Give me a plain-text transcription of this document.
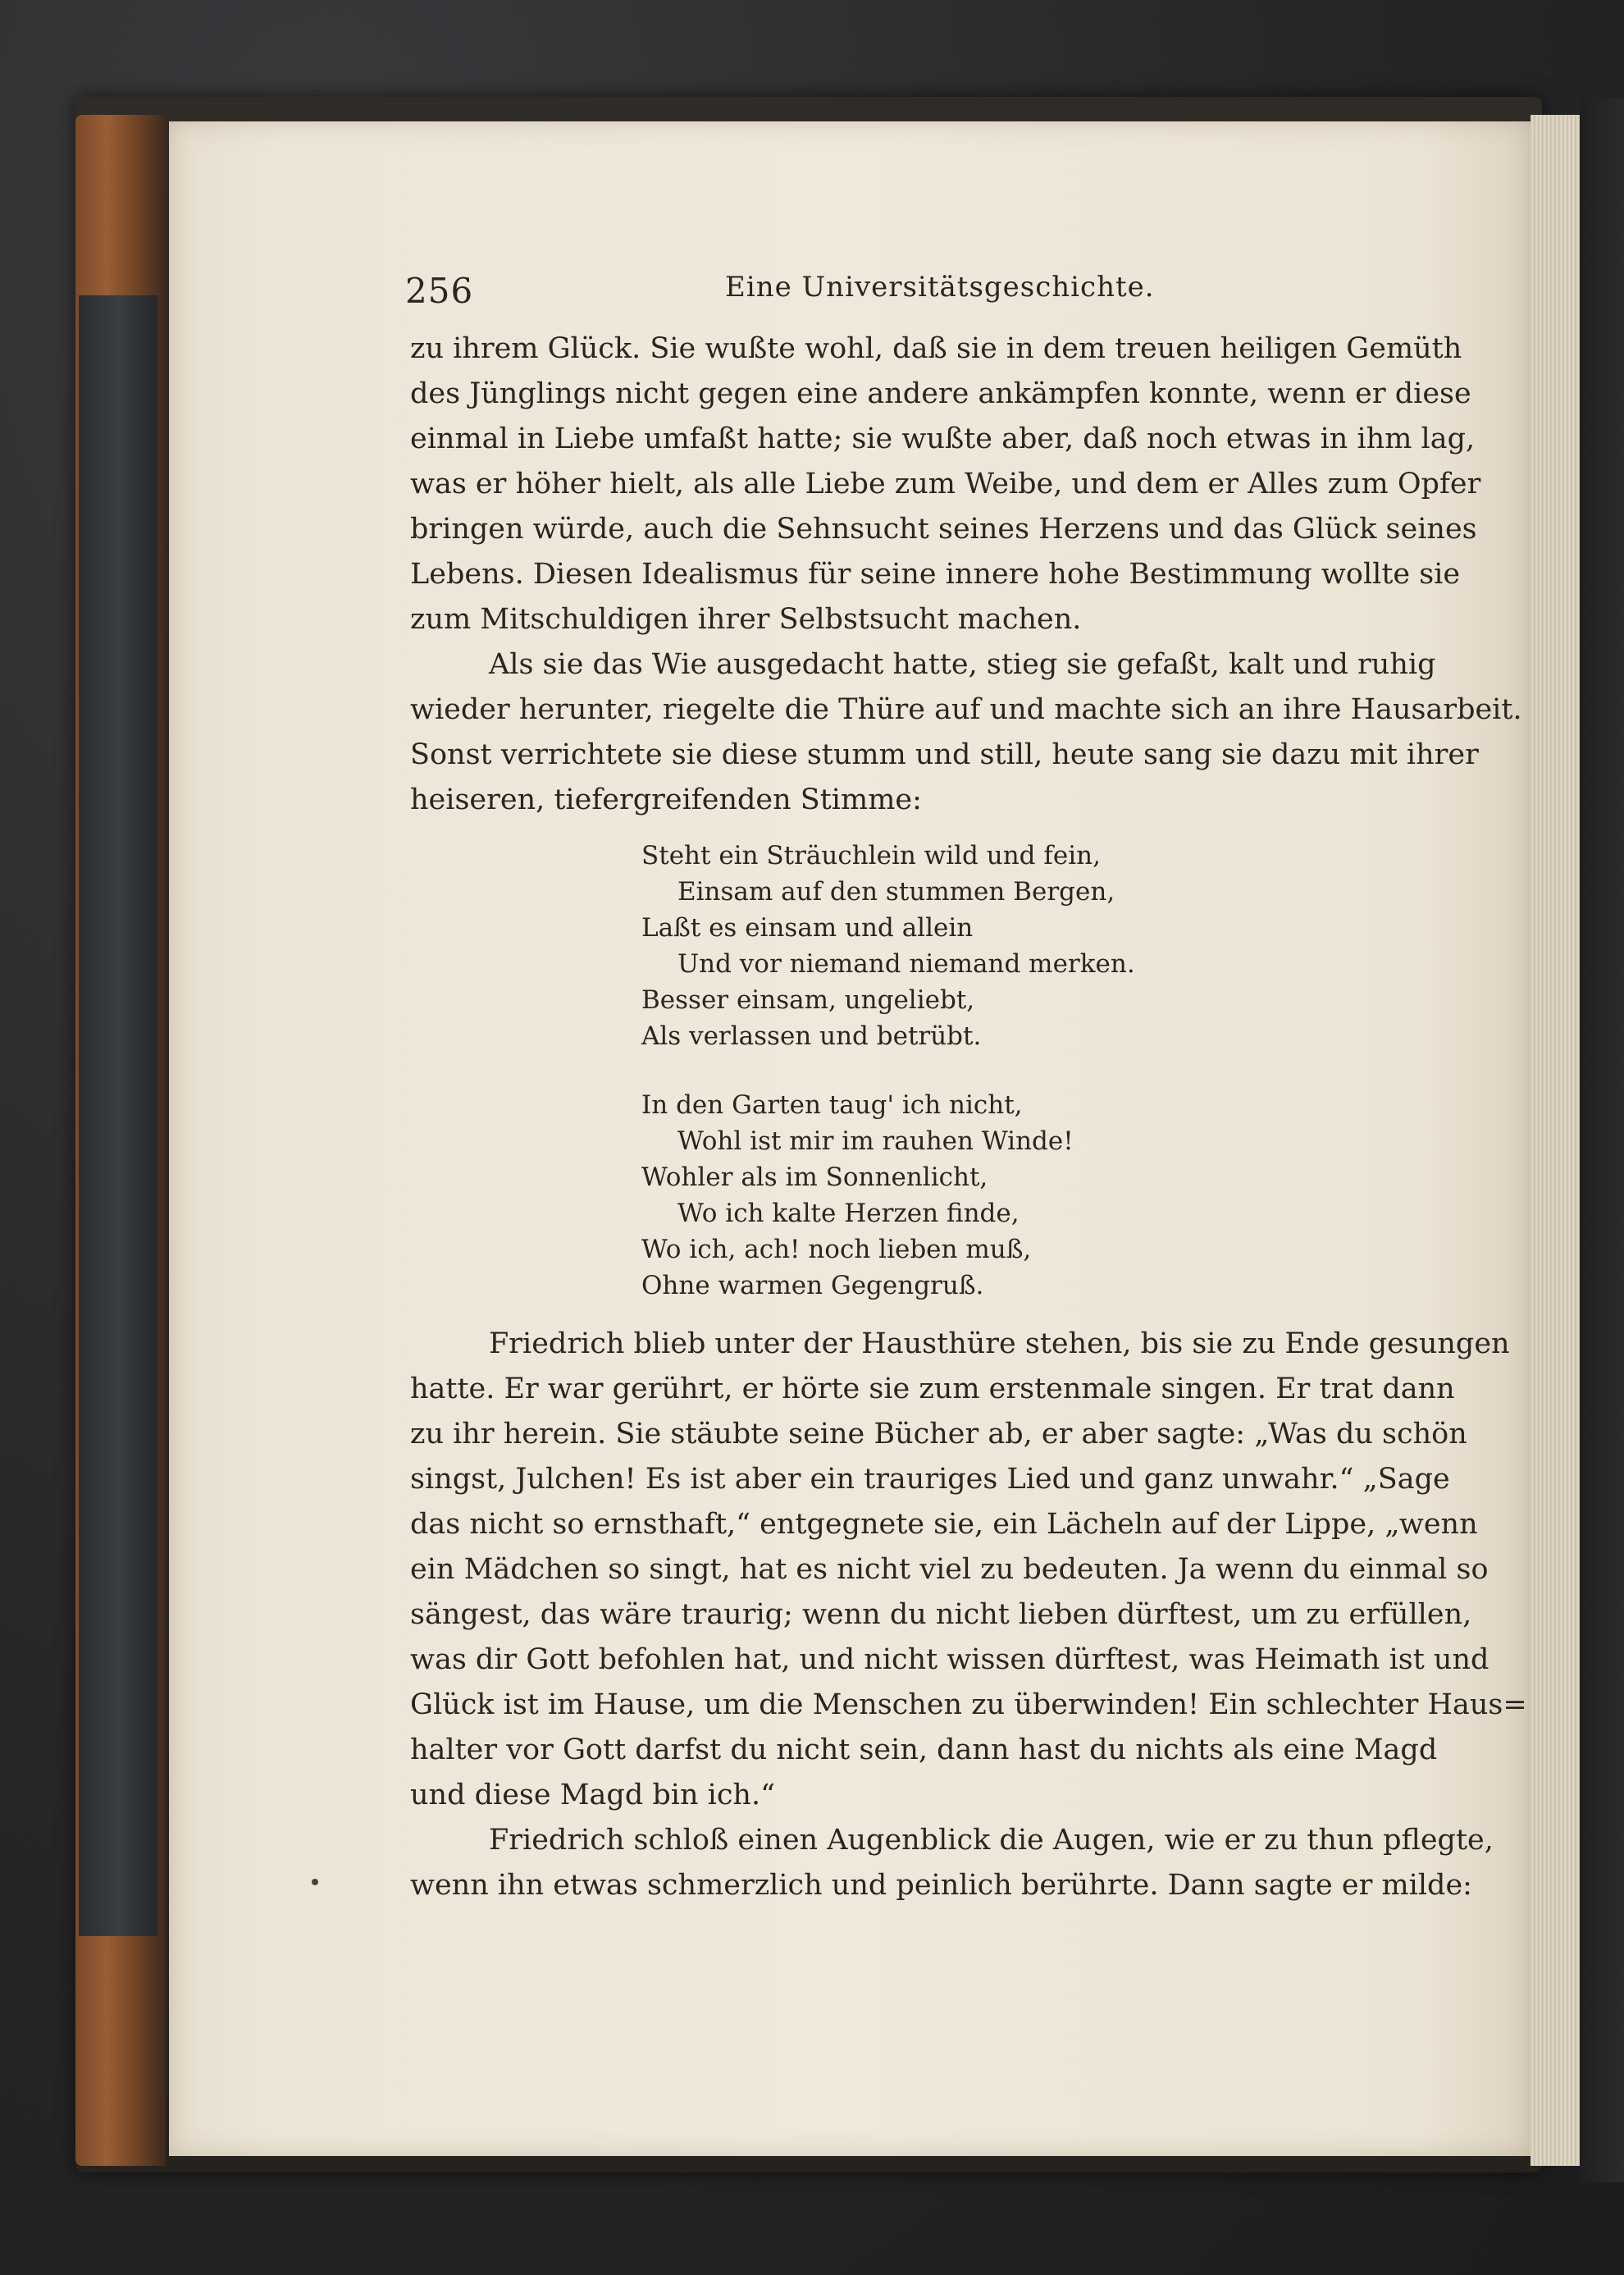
256	Eine Universitätsgeschichte.
zu ihrem Glück. Sie wußte wohl, daß sie in dem treuen heiligen Gemüth
des Jünglings nicht gegen eine andere ankämpfen konnte, wenn er diese
einmal in Liebe umfaßt hatte; sie wußte aber, daß noch etwas in ihm lag,
was er höher hielt, als alle Liebe zum Weibe, und dem er Alles zum Opfer
bringen würde, auch die Sehnsucht seines Herzens und das Glück seines
Lebens. Diesen Idealismus für seine innere hohe Bestimmung wollte sie
zum Mitschuldigen ihrer Selbstsucht machen.
Als sie das Wie ausgedacht hatte, stieg sie gefaßt, kalt und ruhig
wieder herunter, riegelte die Thüre auf und machte sich an ihre Hausarbeit.
Sonst verrichtete sie diese stumm und still, heute sang sie dazu mit ihrer
heiseren, tiefergreifenden Stimme:
Steht ein Sträuchlein wild und fein,
Einsam auf den stummen Bergen,
Laßt es einsam und allein
Und vor niemand niemand merken.
Besser einsam, ungeliebt,
Als verlassen und betrübt.
In den Garten taug' ich nicht,
Wohl ist mir im rauhen Winde!
Wohler als im Sonnenlicht,
Wo ich kalte Herzen finde,
Wo ich, ach! noch lieben muß,
Ohne warmen Gegengruß.
Friedrich blieb unter der Hausthüre stehen, bis sie zu Ende gesungen
hatte. Er war gerührt, er hörte sie zum erstenmale singen. Er trat dann
zu ihr herein. Sie stäubte seine Bücher ab, er aber sagte: „Was du schön
singst, Julchen! Es ist aber ein trauriges Lied und ganz unwahr.“ „Sage
das nicht so ernsthaft,“ entgegnete sie, ein Lächeln auf der Lippe, „wenn
ein Mädchen so singt, hat es nicht viel zu bedeuten. Ja wenn du einmal so
sängest, das wäre traurig; wenn du nicht lieben dürftest, um zu erfüllen,
was dir Gott befohlen hat, und nicht wissen dürftest, was Heimath ist und
Glück ist im Hause, um die Menschen zu überwinden! Ein schlechter Haus=
halter vor Gott darfst du nicht sein, dann hast du nichts als eine Magd
und diese Magd bin ich.“
Friedrich schloß einen Augenblick die Augen, wie er zu thun pflegte,
wenn ihn etwas schmerzlich und peinlich berührte. Dann sagte er milde:
